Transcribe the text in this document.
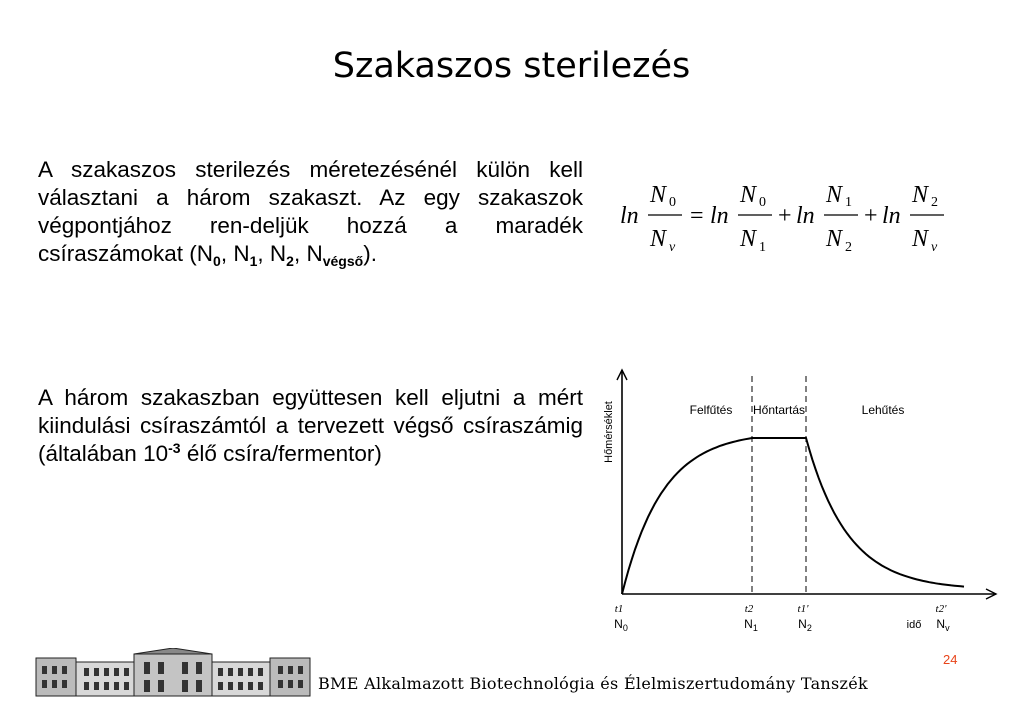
Szakaszos sterilezés

A szakaszos sterilezés méretezésénél külön kell választani a három szakaszt. Az egy szakaszok végpontjához ren-deljük hozzá a maradék csíraszámokat ($N_0$, $N_1$, $N_2$, $N_{végső}$).

A három szakaszban együttesen kell eljutni a mért kiindulási csíraszámtól a tervezett végső csíraszámig (általában $10^{-3}$ élő csíra/fermentor)

ln
N 0
N v
= ln
N 0
N 1
+ ln
N 1
N 2
+ ln
N 2
N v
Hőmérséklet	Felfűtés Hőntartás	Lehűtés
t1
$N_0$
t2
$N_1$
t1'
$N_2$
t2'
$N_v$
idő
BME Alkalmazott Biotechnológia és Élelmiszertudomány Tanszék
24
